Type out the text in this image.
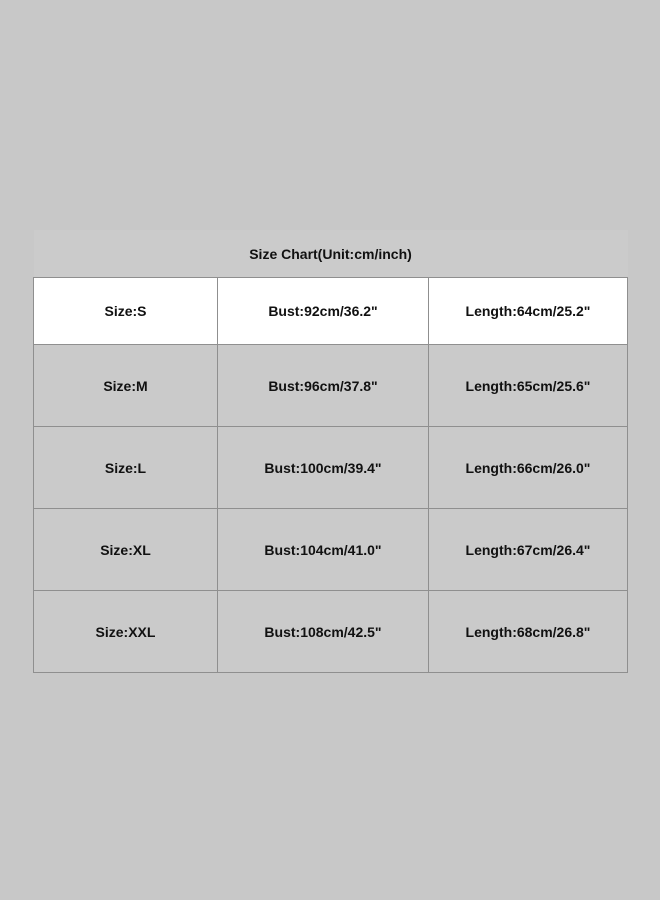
Size Chart(Unit:cm/inch)		
Size:S	Bust:92cm/36.2"	Length:64cm/25.2"
Size:M	Bust:96cm/37.8"	Length:65cm/25.6"
Size:L	Bust:100cm/39.4"	Length:66cm/26.0"
Size:XL	Bust:104cm/41.0"	Length:67cm/26.4"
Size:XXL	Bust:108cm/42.5"	Length:68cm/26.8"
